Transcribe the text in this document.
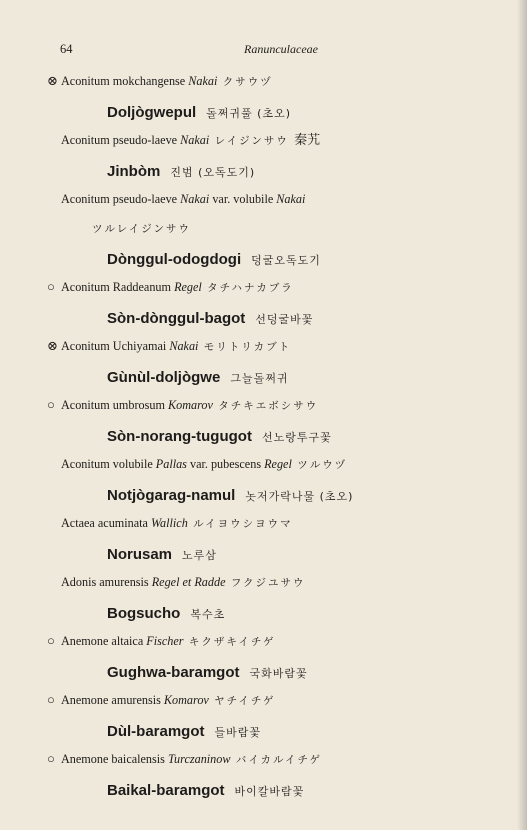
64	Ranunculaceae
⊗ Aconitum mokchangense Nakai クサウヅ
Doljògwepul 돌쩌귀풀 (초오)
Aconitum pseudo-laeve Nakai レイジンサウ 秦艽
Jinbòm 진범 (오독도기)
Aconitum pseudo-laeve Nakai var. volubile Nakai
ツルレイジンサウ
Dònggul-odogdogi 덩굴오독도기
○ Aconitum Raddeanum Regel タチハナカブラ
Sòn-dònggul-bagot 선덩굴바꽃
⊗ Aconitum Uchiyamai Nakai モリトリカブト
Gùnùl-doljògwe 그늘돌쩌귀
○ Aconitum umbrosum Komarov タチキエボシサウ
Sòn-norang-tugugot 선노랑투구꽃
Aconitum volubile Pallas var. pubescens Regel ツルウヅ
Notjògarag-namul 놋저가락나물 (초오)
Actaea acuminata Wallich ルイヨウシヨウマ
Norusam 노루삼
Adonis amurensis Regel et Radde フクジユサウ
Bogsucho 복수초
○ Anemone altaica Fischer キクザキイチゲ
Gughwa-baramgot 국화바람꽃
○ Anemone amurensis Komarov ヤチイチゲ
Dùl-baramgot 들바람꽃
○ Anemone baicalensis Turczaninow バイカルイチゲ
Baikal-baramgot 바이칼바람꽃
